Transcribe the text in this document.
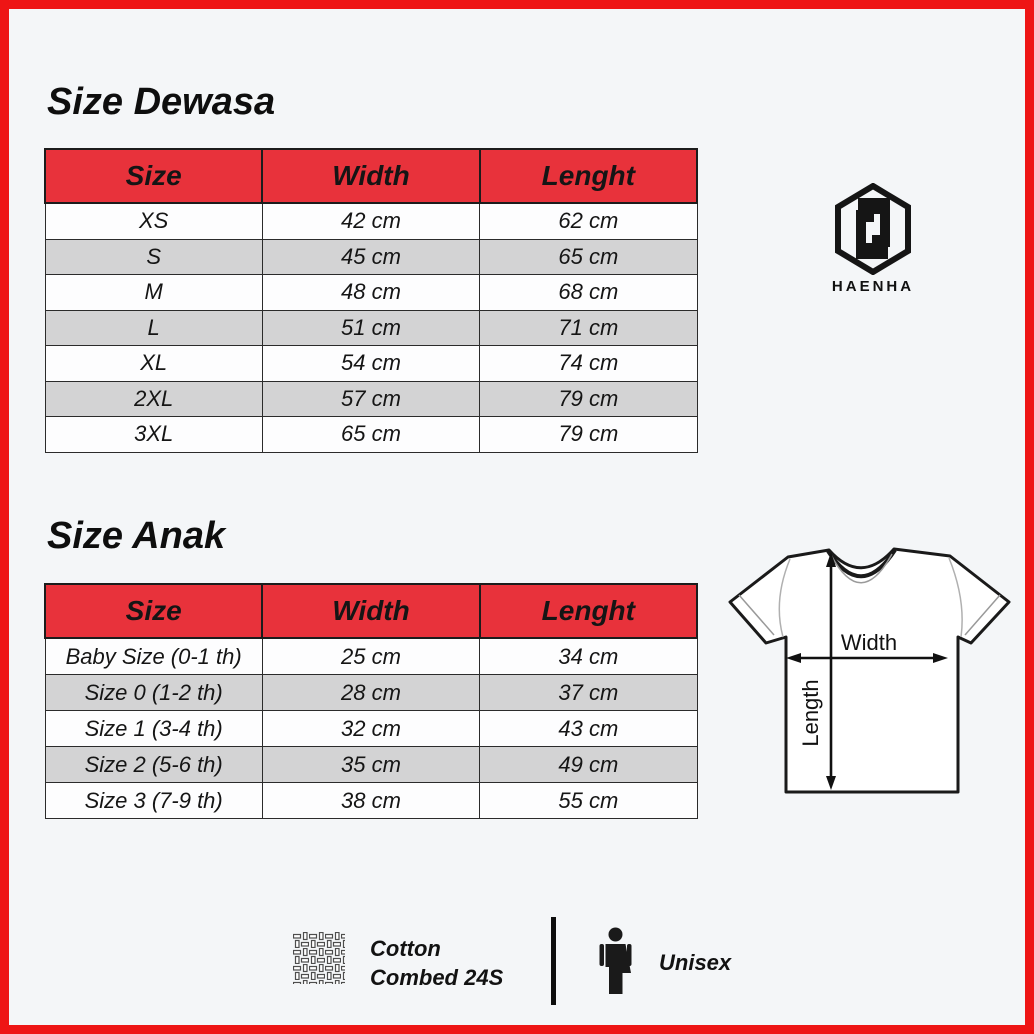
Size Dewasa
Size	Width	Lenght
XS	42 cm	62 cm
S	45 cm	65 cm
M	48 cm	68 cm
L	51 cm	71 cm
XL	54 cm	74 cm
2XL	57 cm	79 cm
3XL	65 cm	79 cm
Size Anak
Size	Width	Lenght
Baby Size (0-1 th)	25 cm	34 cm
Size 0 (1-2 th)	28 cm	37 cm
Size 1 (3-4 th)	32 cm	43 cm
Size 2 (5-6 th)	35 cm	49 cm
Size 3 (7-9 th)	38 cm	55 cm
HAENHA
Width
Length
Cotton
Combed 24S
Unisex
